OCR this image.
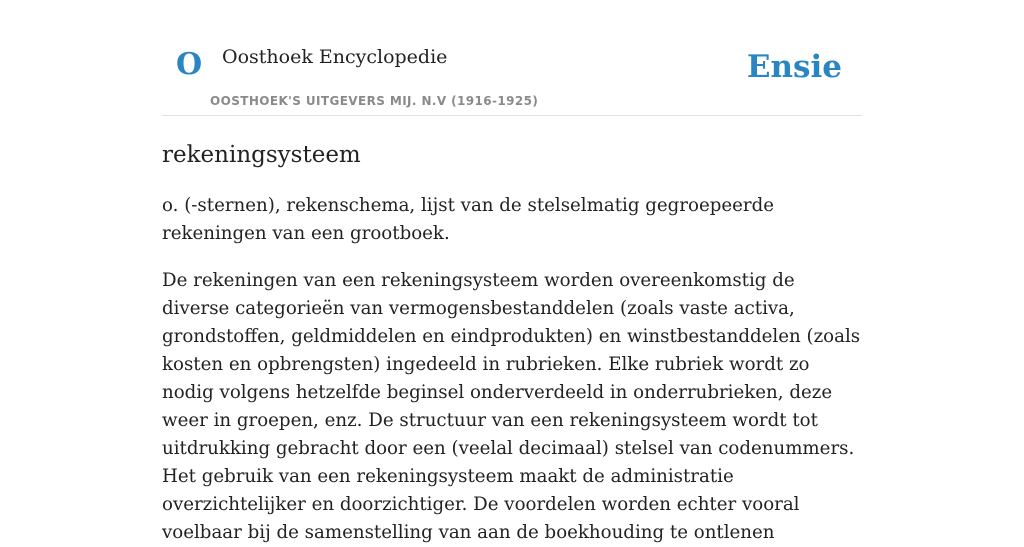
O Oosthoek Encyclopedie
OOSTHOEK'S UITGEVERS MIJ. N.V (1916-1925)
Ensie
rekeningsysteem

o. (-sternen), rekenschema, lijst van de stelselmatig gegroepeerde rekeningen van een grootboek.

De rekeningen van een rekeningsysteem worden overeenkomstig de diverse categorieën van vermogensbestanddelen (zoals vaste activa, grondstoffen, geldmiddelen en eindprodukten) en winstbestanddelen (zoals kosten en opbrengsten) ingedeeld in rubrieken. Elke rubriek wordt zo nodig volgens hetzelfde beginsel onderverdeeld in onderrubrieken, deze weer in groepen, enz. De structuur van een rekeningsysteem wordt tot uitdrukking gebracht door een (veelal decimaal) stelsel van codenummers. Het gebruik van een rekeningsysteem maakt de administratie overzichtelijker en doorzichtiger. De voordelen worden echter vooral voelbaar bij de samenstelling van aan de boekhouding te ontlenen
